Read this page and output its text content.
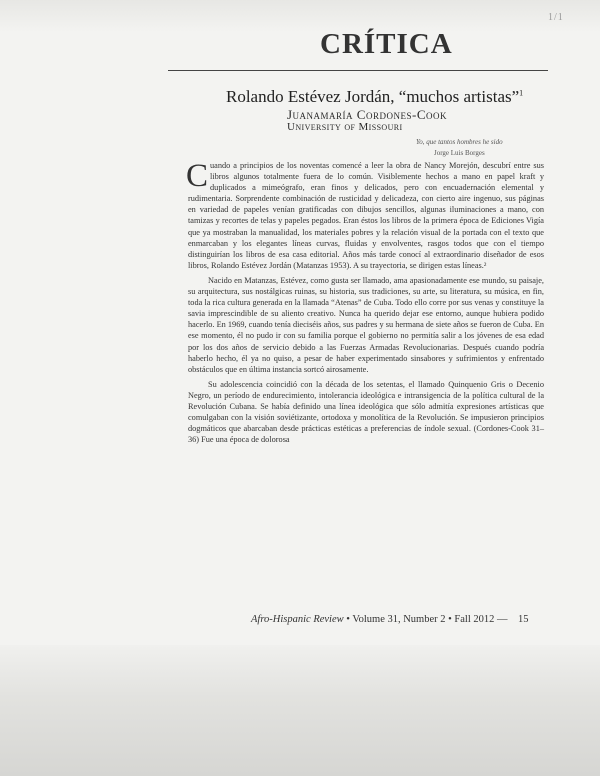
1/1
CRÍTICA
Rolando Estévez Jordán, “muchos artistas”$^1$
Juanamaría Cordones-Cook
University of Missouri
Yo, que tantos hombres he sido
Jorge Luis Borges

Cuando a principios de los noventas comencé a leer la obra de Nancy Morejón, descubrí entre sus libros algunos totalmente fuera de lo común. Visiblemente hechos a mano en papel kraft y duplicados a mimeógrafo, eran finos y delicados, pero con encuadernación elemental y rudimentaria. Sorprendente combinación de rusticidad y delicadeza, con cierto aire ingenuo, sus páginas en variedad de papeles venían gratificadas con dibujos sencillos, algunas iluminaciones a mano, con tamizas y recortes de telas y papeles pegados. Eran éstos los libros de la primera época de Ediciones Vigía que ya mostraban la manualidad, los materiales pobres y la relación visual de la portada con el texto que enmarcaban y los elegantes líneas curvas, fluidas y envolventes, rasgos todos que con el tiempo distinguirían los libros de esa casa editorial. Años más tarde conocí al extraordinario diseñador de esos libros, Rolando Estévez Jordán (Matanzas 1953). A su trayectoria, se dirigen estas líneas.²

Nacido en Matanzas, Estévez, como gusta ser llamado, ama apasionadamente ese mundo, su paisaje, su arquitectura, sus nostálgicas ruinas, su historia, sus tradiciones, su arte, su literatura, su música, en fin, toda la rica cultura generada en la llamada “Atenas” de Cuba. Todo ello corre por sus venas y constituye la savia imprescindible de su aliento creativo. Nunca ha querido dejar ese entorno, aunque hubiera podido hacerlo. En 1969, cuando tenía dieciséis años, sus padres y su hermana de siete años se fueron de Cuba. En ese momento, él no pudo ir con su familia porque el gobierno no permitía salir a los jóvenes de esa edad por los dos años de servicio debido a las Fuerzas Armadas Revolucionarias. Después cuando podría haberlo hecho, él ya no quiso, a pesar de haber experimentado sinsabores y sufrimientos y enfrentado obstáculos que en última instancia sortcó airosamente.

Su adolescencia coincidió con la década de los setentas, el llamado Quinquenio Gris o Decenio Negro, un período de endurecimiento, intolerancia ideológica e intransigencia de la política cultural de la Revolución Cubana. Se había definido una línea ideológica que sólo admitía expresiones artísticas que comulgaban con la visión soviétizante, ortodoxa y monolítica de la Revolución. Se impusieron principios dogmáticos que abarcaban desde prácticas estéticas a preferencias de índole sexual. (Cordones-Cook 31–36) Fue una época de dolorosa

Afro-Hispanic Review • Volume 31, Number 2 • Fall 2012 — 15
